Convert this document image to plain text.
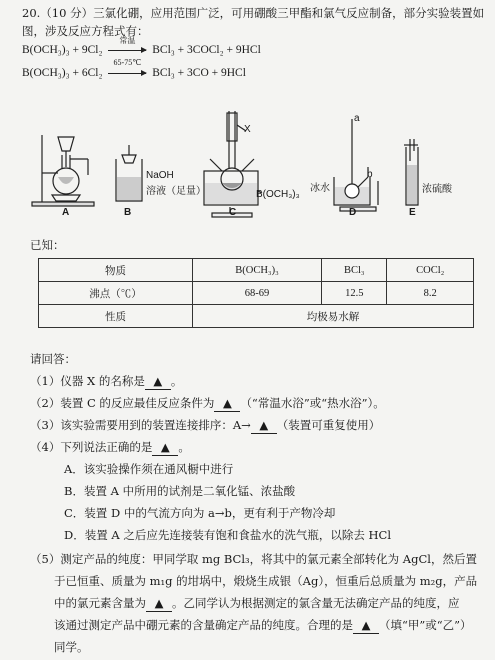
20.（10 分）三氯化硼，应用范围广泛，可用硼酸三甲酯和氯气反应制备，部分实验装置如
图，涉及反应方程式有：
B(OCH₃)₃ + 9Cl₂
常温
BCl₃ + 3COCl₂ + 9HCl
B(OCH₃)₃ + 6Cl₂
65-75℃
BCl₃ + 3CO + 9HCl
A	B	C	D	E
NaOH
溶液（足量）
X
B(OCH₃)₃
冰水
a
b
浓硫酸
已知：
物质	B(OCH₃)₃	BCl₃	COCl₂
沸点（℃）	68-69	12.5	8.2
性质	均极易水解		
请回答：
（1）仪器 X 的名称是 ▲ 。
（2）装置 C 的反应最佳反应条件为 ▲ （“常温水浴”或“热水浴”）。
（3）该实验需要用到的装置连接排序：A→ ▲ （装置可重复使用）
（4）下列说法正确的是 ▲ 。
A．该实验操作须在通风橱中进行
B．装置 A 中所用的试剂是二氧化锰、浓盐酸
C．装置 D 中的气流方向为 a→b，更有利于产物冷却
D．装置 A 之后应先连接装有饱和食盐水的洗气瓶，以除去 HCl
（5）测定产品的纯度：甲同学取 mg BCl₃，将其中的氯元素全部转化为 AgCl，然后置
于已恒重、质量为 m₁g 的坩埚中，煅烧生成银（Ag），恒重后总质量为 m₂g，产品
中的氯元素含量为 ▲ 。乙同学认为根据测定的氯含量无法确定产品的纯度，应
该通过测定产品中硼元素的含量确定产品的纯度。合理的是 ▲ （填“甲”或“乙”）
同学。
